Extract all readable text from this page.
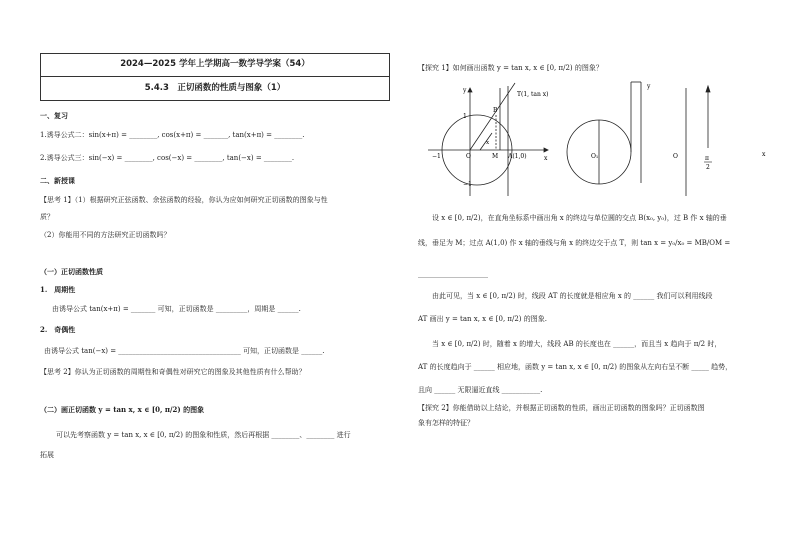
2024—2025 学年上学期高一数学导学案（54）
5.4.3　正切函数的性质与图象（1）
一、复习
1.诱导公式二：sin(x+π) = ________, cos(x+π) = _______, tan(x+π) = ________.
2.诱导公式三：sin(−x) = ________, cos(−x) = ________, tan(−x) = ________.
二、新授课
【思考 1】（1）根据研究正弦函数、余弦函数的经验，你认为应如何研究正切函数的图象与性
质？
（2）你能用不同的方法研究正切函数吗？
（一）正切函数性质
1.　周期性
由诱导公式 tan(x+π) = _______ 可知，正切函数是 _________，周期是 ______.
2.　奇偶性
由诱导公式 tan(−x) = ___________________________________ 可知，正切函数是 ______.
【思考 2】你认为正切函数的周期性和奇偶性对研究它的图象及其他性质有什么帮助？
（二）画正切函数 y = tan x, x ∈ [0, π/2) 的图象
可以先考察函数 y = tan x, x ∈ [0, π/2) 的图象和性质，然后再根据 ________、________ 进行
拓展
【探究 1】如何画出函数 y = tan x, x ∈ [0, π/2) 的图象？
设 x ∈ [0, π/2)，在直角坐标系中画出角 x 的终边与单位圆的交点 B(x₀, y₀)，过 B 作 x 轴的垂
线，垂足为 M；过点 A(1,0) 作 x 轴的垂线与角 x 的终边交于点 T，则 tan x = y₀/x₀ = MB/OM =
____________________
由此可见，当 x ∈ [0, π/2) 时，线段 AT 的长度就是相应角 x 的 ______ 我们可以利用线段
AT 画出 y = tan x, x ∈ [0, π/2) 的图象.
当 x ∈ [0, π/2) 时，随着 x 的增大，线段 AB 的长度也在 ______，而且当 x 趋向于 π/2 时，
AT 的长度趋向于 ______ 相应地，函数 y = tan x, x ∈ [0, π/2) 的图象从左向右呈不断 _____ 趋势，
且向 ______ 无限逼近直线 ___________.
【探究 2】你能借助以上结论，并根据正切函数的性质，画出正切函数的图象吗？正切函数图
象有怎样的特征？
T(1, tan x)
B
M A(1,0)
O	x
y
−1
1
−1
x
O₁	O	π
2
y
x
